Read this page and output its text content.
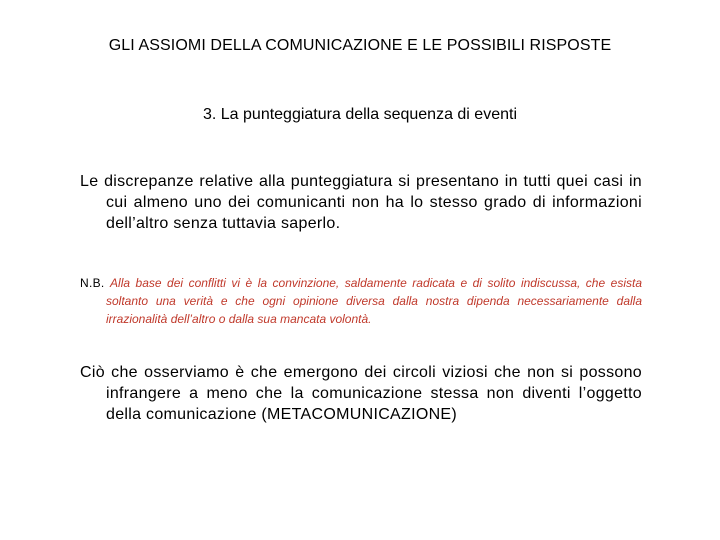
GLI ASSIOMI DELLA COMUNICAZIONE E LE POSSIBILI RISPOSTE
3. La punteggiatura della sequenza di eventi
Le discrepanze relative alla punteggiatura si presentano in tutti quei casi in cui almeno uno dei comunicanti non ha lo stesso grado di informazioni dell’altro senza tuttavia saperlo.
N.B. Alla base dei conflitti vi è la convinzione, saldamente radicata e di solito indiscussa, che esista soltanto una verità e che ogni opinione diversa dalla nostra dipenda necessariamente dalla irrazionalità dell’altro o dalla sua mancata volontà.
Ciò che osserviamo è che emergono dei circoli viziosi che non si possono infrangere a meno che la comunicazione stessa non diventi l’oggetto della comunicazione (METACOMUNICAZIONE)
